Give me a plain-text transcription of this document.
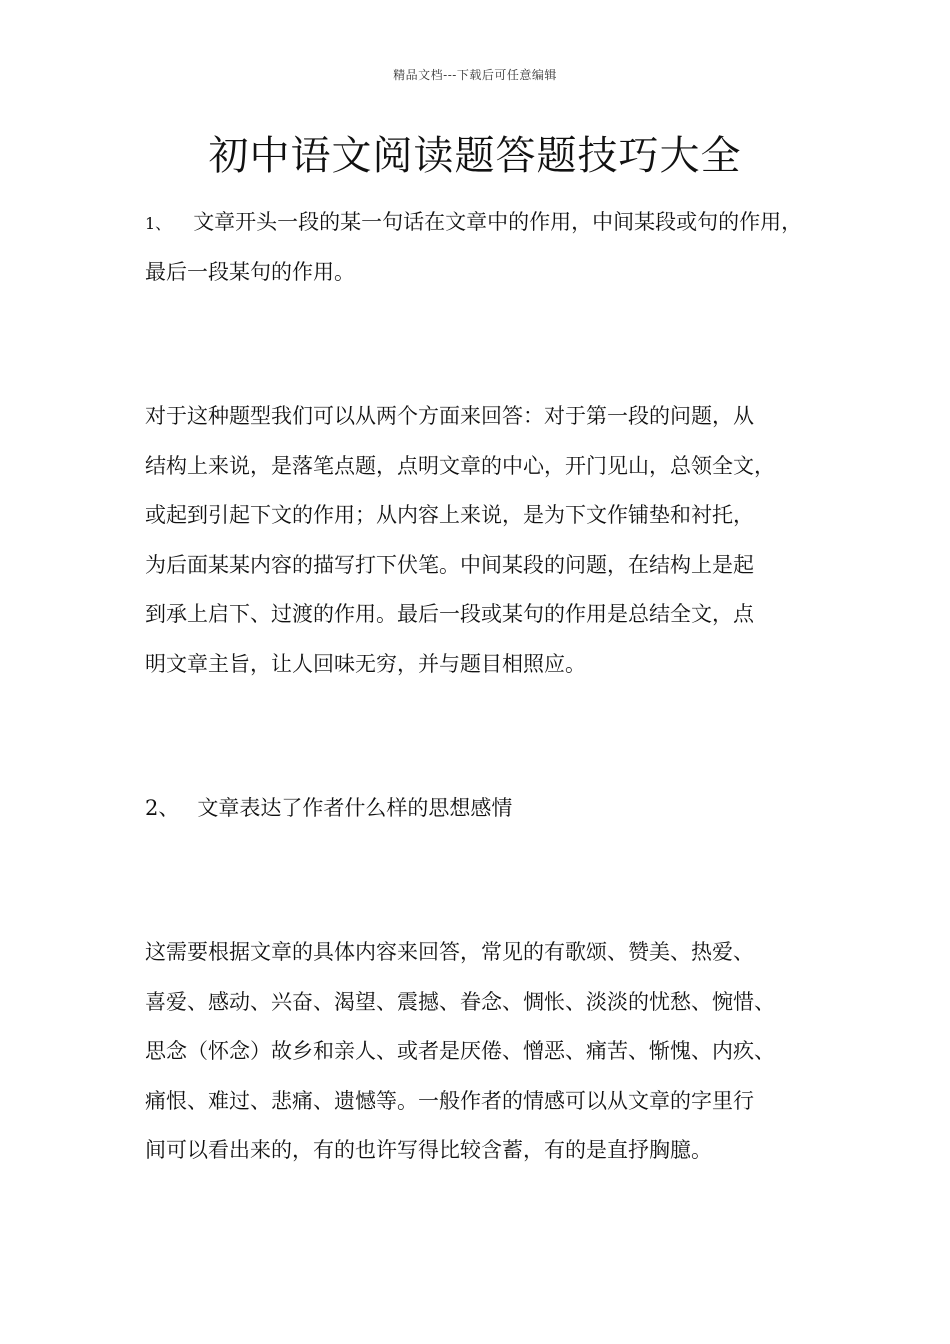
精品文档---下载后可任意编辑
初中语文阅读题答题技巧大全
1、 文章开头一段的某一句话在文章中的作用，中间某段或句的作用，
最后一段某句的作用。
对于这种题型我们可以从两个方面来回答：对于第一段的问题，从
结构上来说，是落笔点题，点明文章的中心，开门见山，总领全文，
或起到引起下文的作用；从内容上来说，是为下文作铺垫和衬托，
为后面某某内容的描写打下伏笔。中间某段的问题，在结构上是起
到承上启下、过渡的作用。最后一段或某句的作用是总结全文，点
明文章主旨，让人回味无穷，并与题目相照应。
2、 文章表达了作者什么样的思想感情
这需要根据文章的具体内容来回答，常见的有歌颂、赞美、热爱、
喜爱、感动、兴奋、渴望、震撼、眷念、惆怅、淡淡的忧愁、惋惜、
思念（怀念）故乡和亲人、或者是厌倦、憎恶、痛苦、惭愧、内疚、
痛恨、难过、悲痛、遗憾等。一般作者的情感可以从文章的字里行
间可以看出来的，有的也许写得比较含蓄，有的是直抒胸臆。
